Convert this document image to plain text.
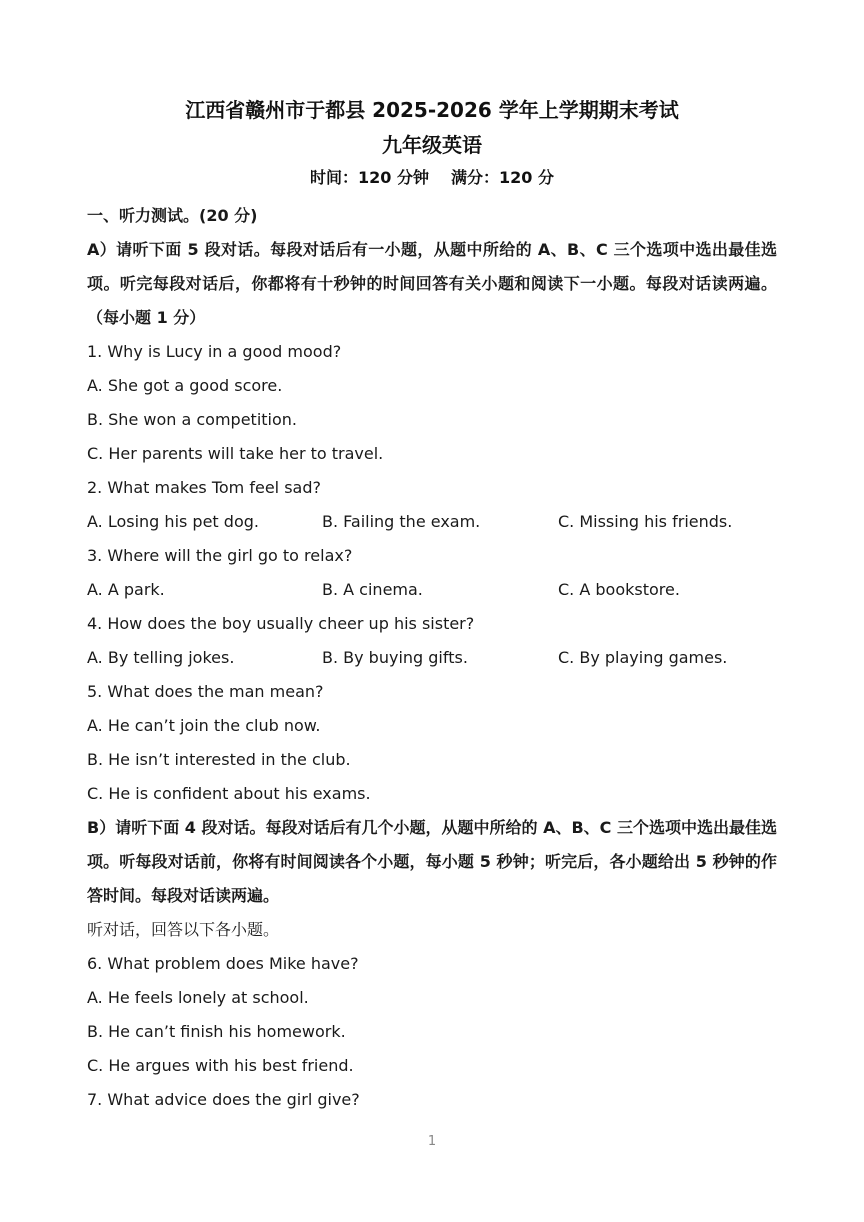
江西省赣州市于都县 2025-2026 学年上学期期末考试
九年级英语
时间：120 分钟 满分：120 分
一、听力测试。(20 分)
A）请听下面 5 段对话。每段对话后有一小题，从题中所给的 A、B、C 三个选项中选出最佳选项。听完每段对话后，你都将有十秒钟的时间回答有关小题和阅读下一小题。每段对话读两遍。（每小题 1 分）
1. Why is Lucy in a good mood?
A. She got a good score.
B. She won a competition.
C. Her parents will take her to travel.
2. What makes Tom feel sad?
A. Losing his pet dog.	B. Failing the exam.	C. Missing his friends.
3. Where will the girl go to relax?
A. A park.	B. A cinema.	C. A bookstore.
4. How does the boy usually cheer up his sister?
A. By telling jokes.	B. By buying gifts.	C. By playing games.
5. What does the man mean?
A. He can’t join the club now.
B. He isn’t interested in the club.
C. He is confident about his exams.
B）请听下面 4 段对话。每段对话后有几个小题，从题中所给的 A、B、C 三个选项中选出最佳选项。听每段对话前，你将有时间阅读各个小题，每小题 5 秒钟；听完后，各小题给出 5 秒钟的作答时间。每段对话读两遍。
听对话，回答以下各小题。
6. What problem does Mike have?
A. He feels lonely at school.
B. He can’t finish his homework.
C. He argues with his best friend.
7. What advice does the girl give?
1
